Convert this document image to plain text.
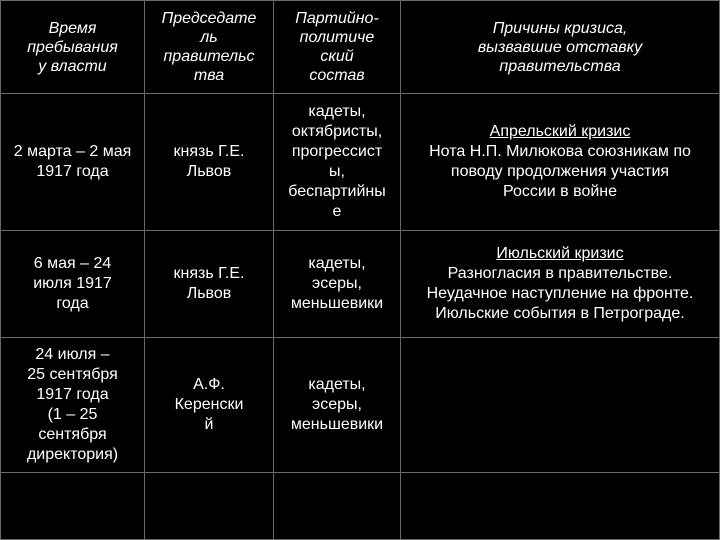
Время
пребывания
у власти
Председате
ль
правительс
тва
Партийно-
политиче
ский
состав
Причины кризиса,
вызвавшие отставку
правительства
2 марта – 2 мая
1917 года
князь Г.Е.
Львов
кадеты,
октябристы,
прогрессист
ы,
беспартийны
е
Апрельский кризис
Нота Н.П. Милюкова союзникам по
поводу продолжения участия
России в войне
6 мая – 24
июля 1917
года
князь Г.Е.
Львов
кадеты,
эсеры,
меньшевики
Июльский кризис
Разногласия в правительстве.
Неудачное наступление на фронте.
Июльские события в Петрограде.
24 июля –
25 сентября
1917 года
(1 – 25
сентября
директория)
А.Ф.
Керенски
й
кадеты,
эсеры,
меньшевики
